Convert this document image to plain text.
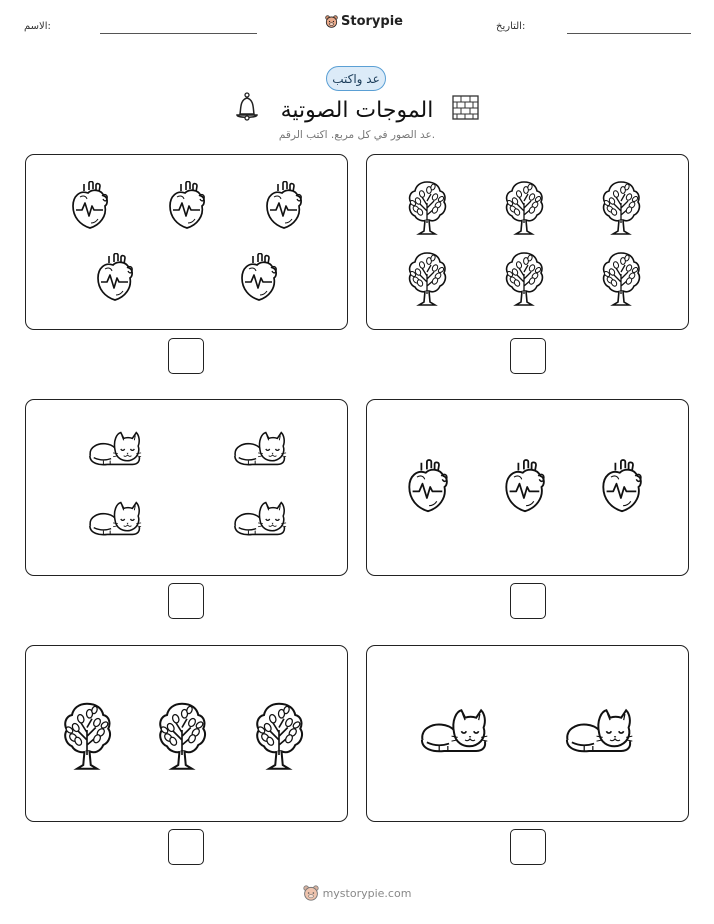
الاسم:	Storypie	التاريخ:
عد واكتب
الموجات الصوتية
عد الصور في كل مربع. اكتب الرقم.
mystorypie.com
